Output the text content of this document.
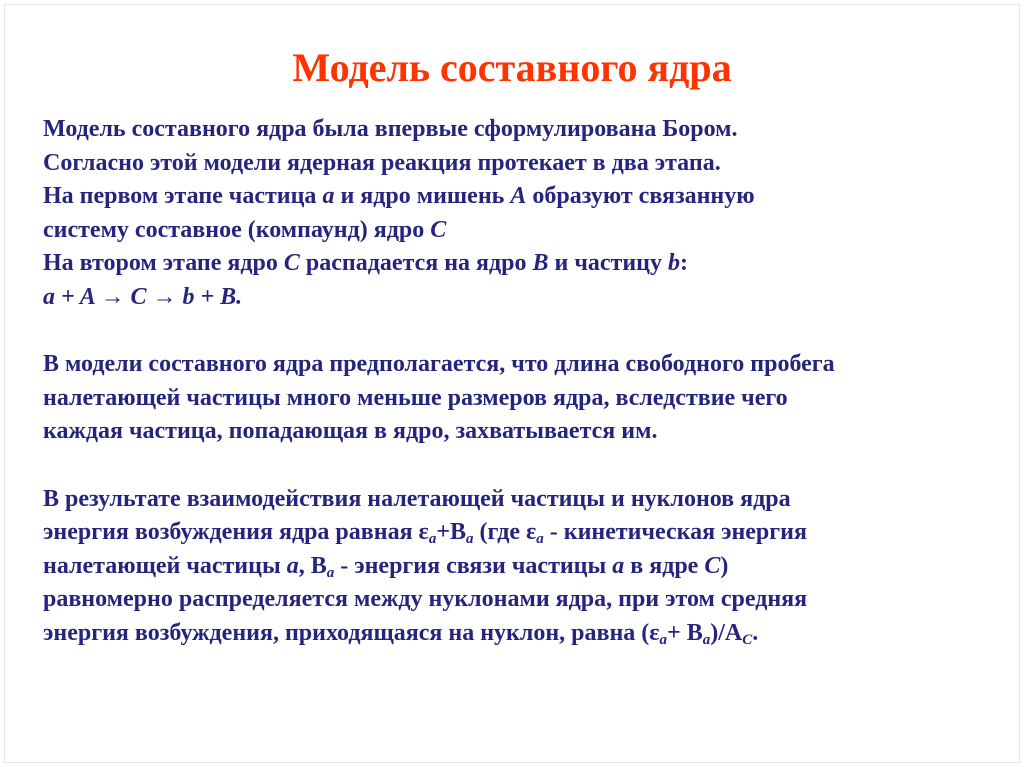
Модель составного ядра
Модель составного ядра была впервые сформулирована Бором.
Согласно этой модели ядерная реакция протекает в два этапа.
На первом этапе частица a и ядро мишень А образуют связанную
систему составное (компаунд) ядро С
На втором этапе ядро С распадается на ядро В и частицу b:
a + A → C → b + B.
В модели составного ядра предполагается, что длина свободного пробега
налетающей частицы много меньше размеров ядра, вследствие чего
каждая частица, попадающая в ядро, захватывается им.
В результате взаимодействия налетающей частицы и нуклонов ядра
энергия возбуждения ядра равная $\varepsilon_a+B_a$ (где $\varepsilon_a$ - кинетическая энергия
налетающей частицы a, $B_a$ - энергия связи частицы a в ядре C)
равномерно распределяется между нуклонами ядра, при этом средняя
энергия возбуждения, приходящаяся на нуклон, равна $(\varepsilon_a+ B_a)/A_C$.
